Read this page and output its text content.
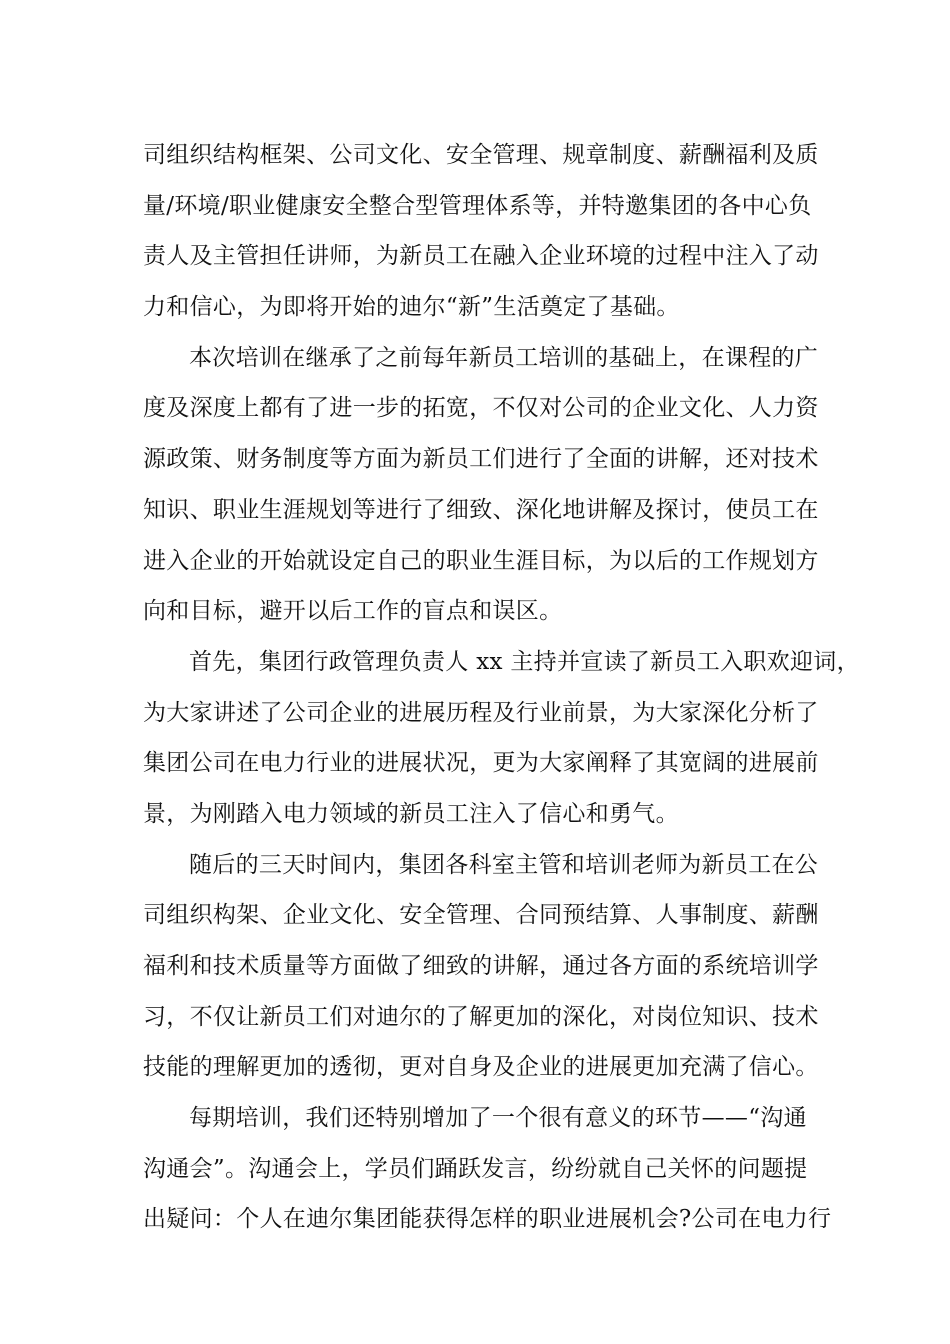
司组织结构框架、公司文化、安全管理、规章制度、薪酬福利及质
量/环境/职业健康安全整合型管理体系等，并特邀集团的各中心负
责人及主管担任讲师，为新员工在融入企业环境的过程中注入了动
力和信心，为即将开始的迪尔“新”生活奠定了基础。
本次培训在继承了之前每年新员工培训的基础上，在课程的广
度及深度上都有了进一步的拓宽，不仅对公司的企业文化、人力资
源政策、财务制度等方面为新员工们进行了全面的讲解，还对技术
知识、职业生涯规划等进行了细致、深化地讲解及探讨，使员工在
进入企业的开始就设定自己的职业生涯目标，为以后的工作规划方
向和目标，避开以后工作的盲点和误区。
首先，集团行政管理负责人 xx 主持并宣读了新员工入职欢迎词，
为大家讲述了公司企业的进展历程及行业前景，为大家深化分析了
集团公司在电力行业的进展状况，更为大家阐释了其宽阔的进展前
景，为刚踏入电力领域的新员工注入了信心和勇气。
随后的三天时间内，集团各科室主管和培训老师为新员工在公
司组织构架、企业文化、安全管理、合同预结算、人事制度、薪酬
福利和技术质量等方面做了细致的讲解，通过各方面的系统培训学
习，不仅让新员工们对迪尔的了解更加的深化，对岗位知识、技术
技能的理解更加的透彻，更对自身及企业的进展更加充满了信心。
每期培训，我们还特别增加了一个很有意义的环节——“沟通
沟通会”。沟通会上，学员们踊跃发言，纷纷就自己关怀的问题提
出疑问：个人在迪尔集团能获得怎样的职业进展机会?公司在电力行
